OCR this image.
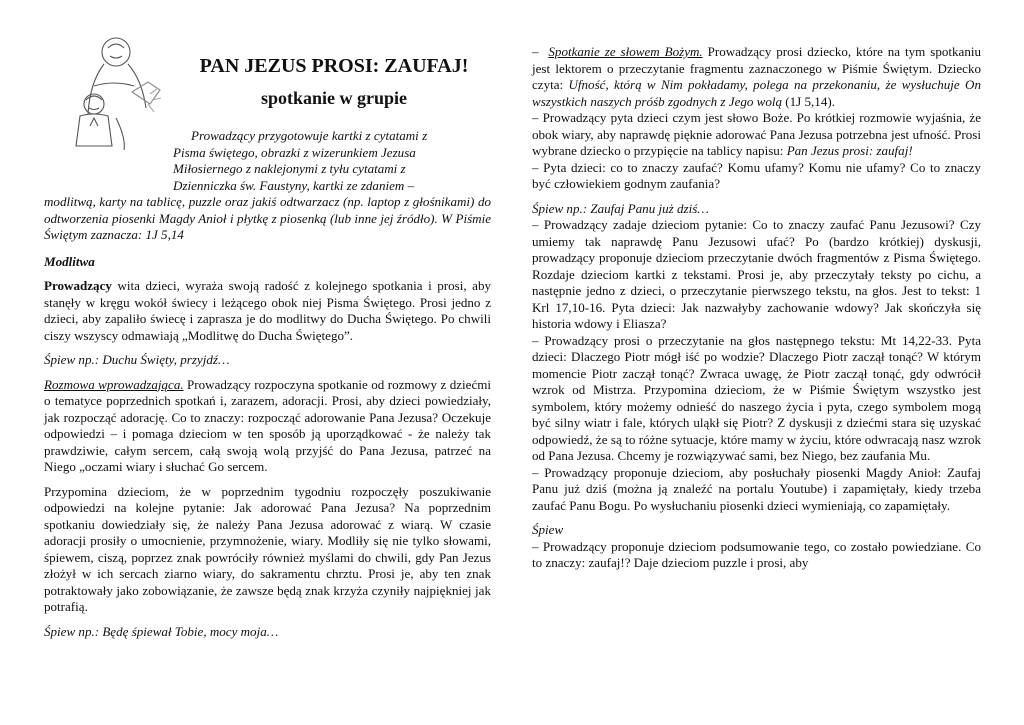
PAN JEZUS PROSI: ZAUFAJ!
spotkanie w grupie

Prowadzący przygotowuje kartki z cytatami z

Pisma świętego, obrazki z wizerunkiem Jezusa

Miłosiernego z naklejonymi z tyłu cytatami z

Dzienniczka św. Faustyny, kartki ze zdaniem –

modlitwą, karty na tablicę, puzzle oraz jakiś odtwarzacz (np. laptop z głośnikami) do odtworzenia piosenki Magdy Anioł i płytkę z piosenką (lub inne jej źródło). W Piśmie Świętym zaznacza: 1J 5,14

Modlitwa

Prowadzący wita dzieci, wyraża swoją radość z kolejnego spotkania i prosi, aby stanęły w kręgu wokół świecy i leżącego obok niej Pisma Świętego. Prosi jedno z dzieci, aby zapaliło świecę i zaprasza je do modlitwy do Ducha Świętego. Po chwili ciszy wszyscy odmawiają „Modlitwę do Ducha Świętego”.

Śpiew np.: Duchu Święty, przyjdź…

Rozmowa wprowadzająca. Prowadzący rozpoczyna spotkanie od rozmowy z dziećmi o tematyce poprzednich spotkań i, zarazem, adoracji. Prosi, aby dzieci powiedziały, jak rozpocząć adorację. Co to znaczy: rozpocząć adorowanie Pana Jezusa? Oczekuje odpowiedzi – i pomaga dzieciom w ten sposób ją uporządkować - że należy tak prawdziwie, całym sercem, całą swoją wolą przyjść do Pana Jezusa, patrzeć na Niego „oczami wiary i słuchać Go sercem.

Przypomina dzieciom, że w poprzednim tygodniu rozpoczęły poszukiwanie odpowiedzi na kolejne pytanie: Jak adorować Pana Jezusa? Na poprzednim spotkaniu dowiedziały się, że należy Pana Jezusa adorować z wiarą. W czasie adoracji prosiły o umocnienie, przymnożenie, wiary. Modliły się nie tylko słowami, śpiewem, ciszą, poprzez znak powróciły również myślami do chwili, gdy Pan Jezus złożył w ich sercach ziarno wiary, do sakramentu chrztu. Prosi je, aby ten znak potraktowały jako zobowiązanie, że zawsze będą znak krzyża czyniły najpiękniej jak potrafią.

Śpiew np.: Będę śpiewał Tobie, mocy moja…

– Spotkanie ze słowem Bożym. Prowadzący prosi dziecko, które na tym spotkaniu jest lektorem o przeczytanie fragmentu zaznaczonego w Piśmie Świętym. Dziecko czyta: Ufność, którą w Nim pokładamy, polega na przekonaniu, że wysłuchuje On wszystkich naszych próśb zgodnych z Jego wolą (1J 5,14).

– Prowadzący pyta dzieci czym jest słowo Boże. Po krótkiej rozmowie wyjaśnia, że obok wiary, aby naprawdę pięknie adorować Pana Jezusa potrzebna jest ufność. Prosi wybrane dziecko o przypięcie na tablicy napisu: Pan Jezus prosi: zaufaj!

– Pyta dzieci: co to znaczy zaufać? Komu ufamy? Komu nie ufamy? Co to znaczy być człowiekiem godnym zaufania?

Śpiew np.: Zaufaj Panu już dziś…

– Prowadzący zadaje dzieciom pytanie: Co to znaczy zaufać Panu Jezusowi? Czy umiemy tak naprawdę Panu Jezusowi ufać? Po (bardzo krótkiej) dyskusji, prowadzący proponuje dzieciom przeczytanie dwóch fragmentów z Pisma Świętego. Rozdaje dzieciom kartki z tekstami. Prosi je, aby przeczytały teksty po cichu, a następnie jedno z dzieci, o przeczytanie pierwszego tekstu, na głos. Jest to tekst: 1 Krl 17,10-16. Pyta dzieci: Jak nazwałyby zachowanie wdowy? Jak skończyła się historia wdowy i Eliasza?

– Prowadzący prosi o przeczytanie na głos następnego tekstu: Mt 14,22-33. Pyta dzieci: Dlaczego Piotr mógł iść po wodzie? Dlaczego Piotr zaczął tonąć? W którym momencie Piotr zaczął tonąć? Zwraca uwagę, że Piotr zaczął tonąć, gdy odwrócił wzrok od Mistrza. Przypomina dzieciom, że w Piśmie Świętym wszystko jest symbolem, który możemy odnieść do naszego życia i pyta, czego symbolem mogą być silny wiatr i fale, których uląkł się Piotr? Z dyskusji z dziećmi stara się uzyskać odpowiedź, że są to różne sytuacje, które mamy w życiu, które odwracają nasz wzrok od Pana Jezusa. Chcemy je rozwiązywać sami, bez Niego, bez zaufania Mu.

– Prowadzący proponuje dzieciom, aby posłuchały piosenki Magdy Anioł: Zaufaj Panu już dziś (można ją znaleźć na portalu Youtube) i zapamiętały, kiedy trzeba zaufać Panu Bogu. Po wysłuchaniu piosenki dzieci wymieniają, co zapamiętały.

Śpiew

– Prowadzący proponuje dzieciom podsumowanie tego, co zostało powiedziane. Co to znaczy: zaufaj!? Daje dzieciom puzzle i prosi, aby
